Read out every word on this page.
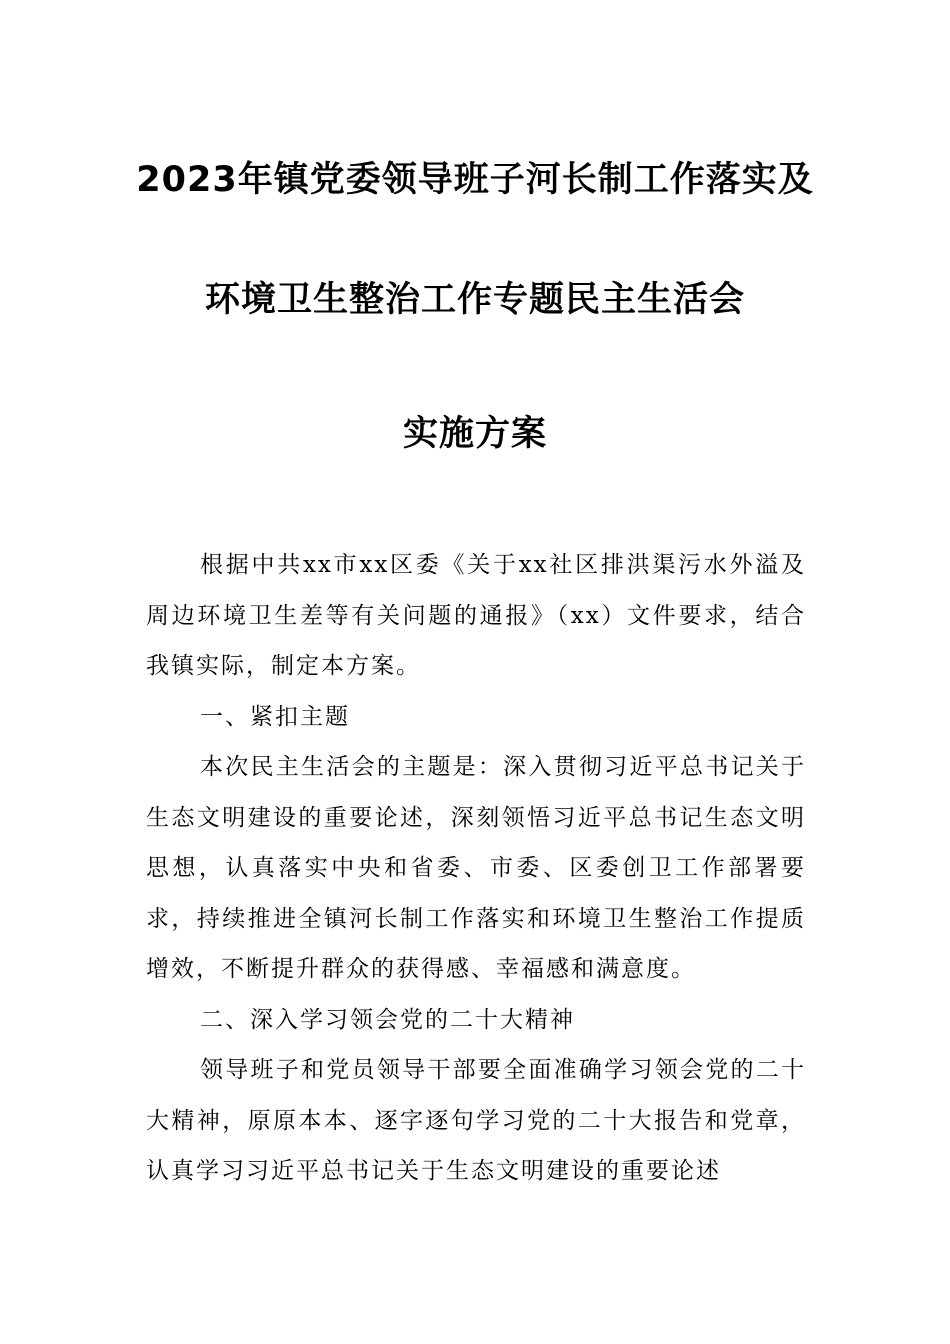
2023年镇党委领导班子河长制工作落实及
环境卫生整治工作专题民主生活会
实施方案

根据中共xx市xx区委《关于xx社区排洪渠污水外溢及周边环境卫生差等有关问题的通报》（xx）文件要求，结合我镇实际，制定本方案。

一、紧扣主题

本次民主生活会的主题是：深入贯彻习近平总书记关于生态文明建设的重要论述，深刻领悟习近平总书记生态文明思想，认真落实中央和省委、市委、区委创卫工作部署要求，持续推进全镇河长制工作落实和环境卫生整治工作提质增效，不断提升群众的获得感、幸福感和满意度。

二、深入学习领会党的二十大精神

领导班子和党员领导干部要全面准确学习领会党的二十大精神，原原本本、逐字逐句学习党的二十大报告和党章，认真学习习近平总书记关于生态文明建设的重要论述
